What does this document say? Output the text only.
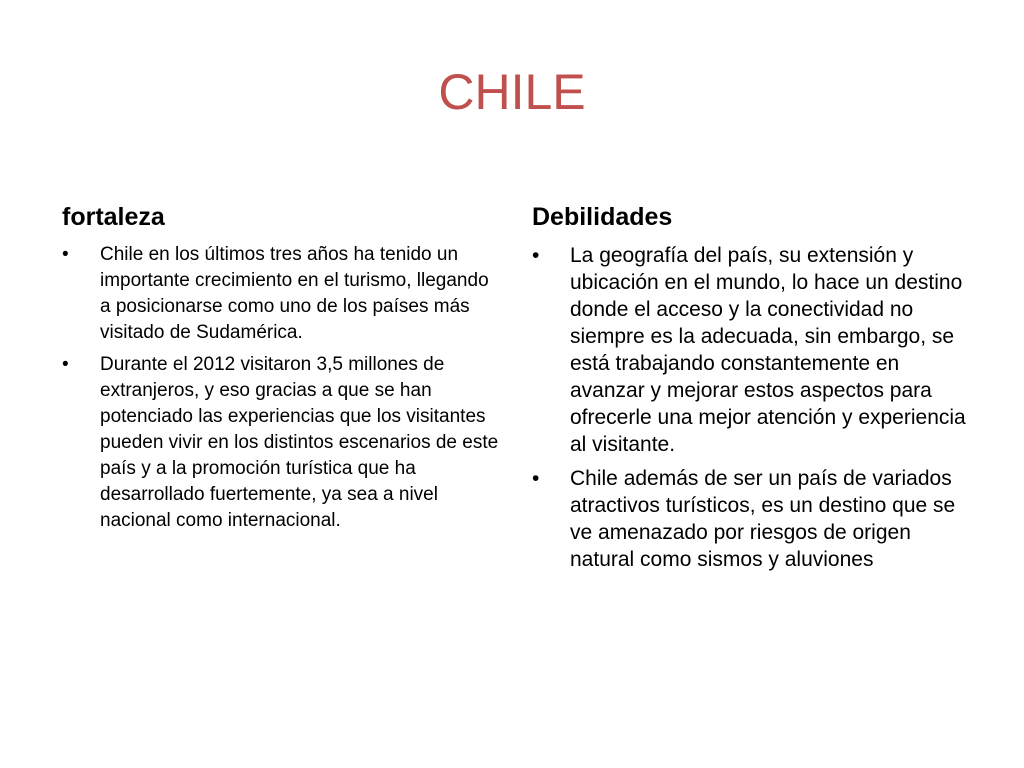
CHILE
fortaleza
• Chile en los últimos tres años ha tenido un importante crecimiento en el turismo, llegando a posicionarse como uno de los países más visitado de Sudamérica.
• Durante el 2012 visitaron 3,5 millones de extranjeros, y eso gracias a que se han potenciado las experiencias que los visitantes pueden vivir en los distintos escenarios de este país y a la promoción turística que ha desarrollado fuertemente, ya sea a nivel nacional como internacional.
Debilidades
• La geografía del país, su extensión y ubicación en el mundo, lo hace un destino donde el acceso y la conectividad no siempre es la adecuada, sin embargo, se está trabajando constantemente en avanzar y mejorar estos aspectos para ofrecerle una mejor atención y experiencia al visitante.
• Chile además de ser un país de variados atractivos turísticos, es un destino que se ve amenazado por riesgos de origen natural como sismos y aluviones
